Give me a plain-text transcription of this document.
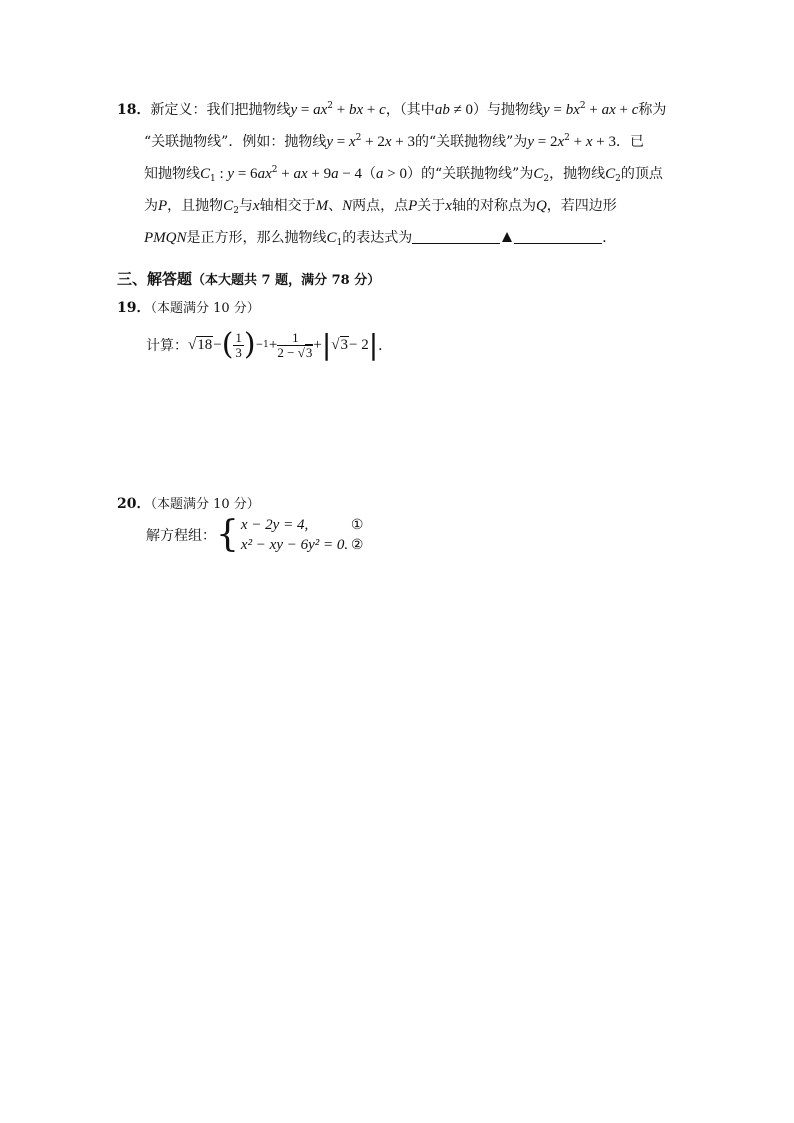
18．新定义：我们把抛物线$y = ax^2$ + bx + c，（其中ab ≠ 0）与抛物线$y = bx^2$ + ax + c称为
“关联抛物线”．例如：抛物线$y = x^2 + 2x + 3$的“关联抛物线”为$y = 2x^2 + x + 3$．已
知抛物线$C_1$ : $y = 6ax^2$ + ax + 9a − 4（a > 0）的“关联抛物线”为$C_2$，抛物线$C_2$的顶点
为P，且抛物$C_2$与x轴相交于M、N两点，点P关于x轴的对称点为Q，若四边形
PMQN是正方形，那么抛物线$C_1$的表达式为	．
三、解答题（本大题共 7 题，满分 78 分）
19．（本题满分 10 分）
计算： √ 18 − ( $\frac{1}{3}$ ) $-1 + \frac{1}{2 - √3}$ + | √ 3 − 2 | ．
20．（本题满分 10 分）
解方程组： { x − 2y = 4,	①
x² − xy − 6y² = 0. ②
